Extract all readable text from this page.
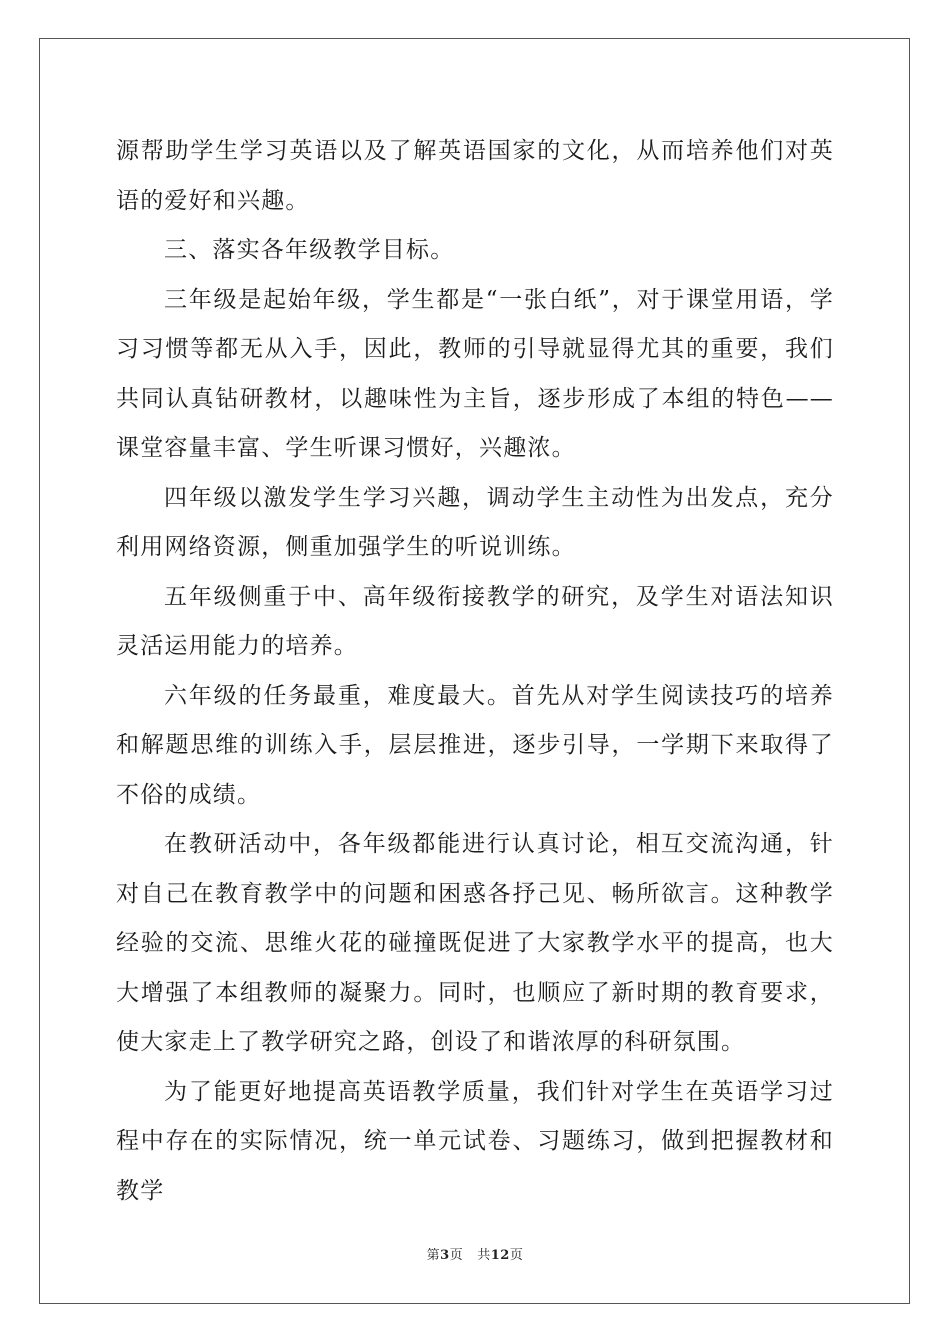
源帮助学生学习英语以及了解英语国家的文化，从而培养他们对英语的爱好和兴趣。

三、落实各年级教学目标。

三年级是起始年级，学生都是“一张白纸”，对于课堂用语，学习习惯等都无从入手，因此，教师的引导就显得尤其的重要，我们共同认真钻研教材，以趣味性为主旨，逐步形成了本组的特色——课堂容量丰富、学生听课习惯好，兴趣浓。

四年级以激发学生学习兴趣，调动学生主动性为出发点，充分利用网络资源，侧重加强学生的听说训练。

五年级侧重于中、高年级衔接教学的研究，及学生对语法知识灵活运用能力的培养。

六年级的任务最重，难度最大。首先从对学生阅读技巧的培养和解题思维的训练入手，层层推进，逐步引导，一学期下来取得了不俗的成绩。

在教研活动中，各年级都能进行认真讨论，相互交流沟通，针对自己在教育教学中的问题和困惑各抒己见、畅所欲言。这种教学经验的交流、思维火花的碰撞既促进了大家教学水平的提高，也大大增强了本组教师的凝聚力。同时，也顺应了新时期的教育要求，使大家走上了教学研究之路，创设了和谐浓厚的科研氛围。

为了能更好地提高英语教学质量，我们针对学生在英语学习过程中存在的实际情况，统一单元试卷、习题练习，做到把握教材和教学

第3页 共12页
